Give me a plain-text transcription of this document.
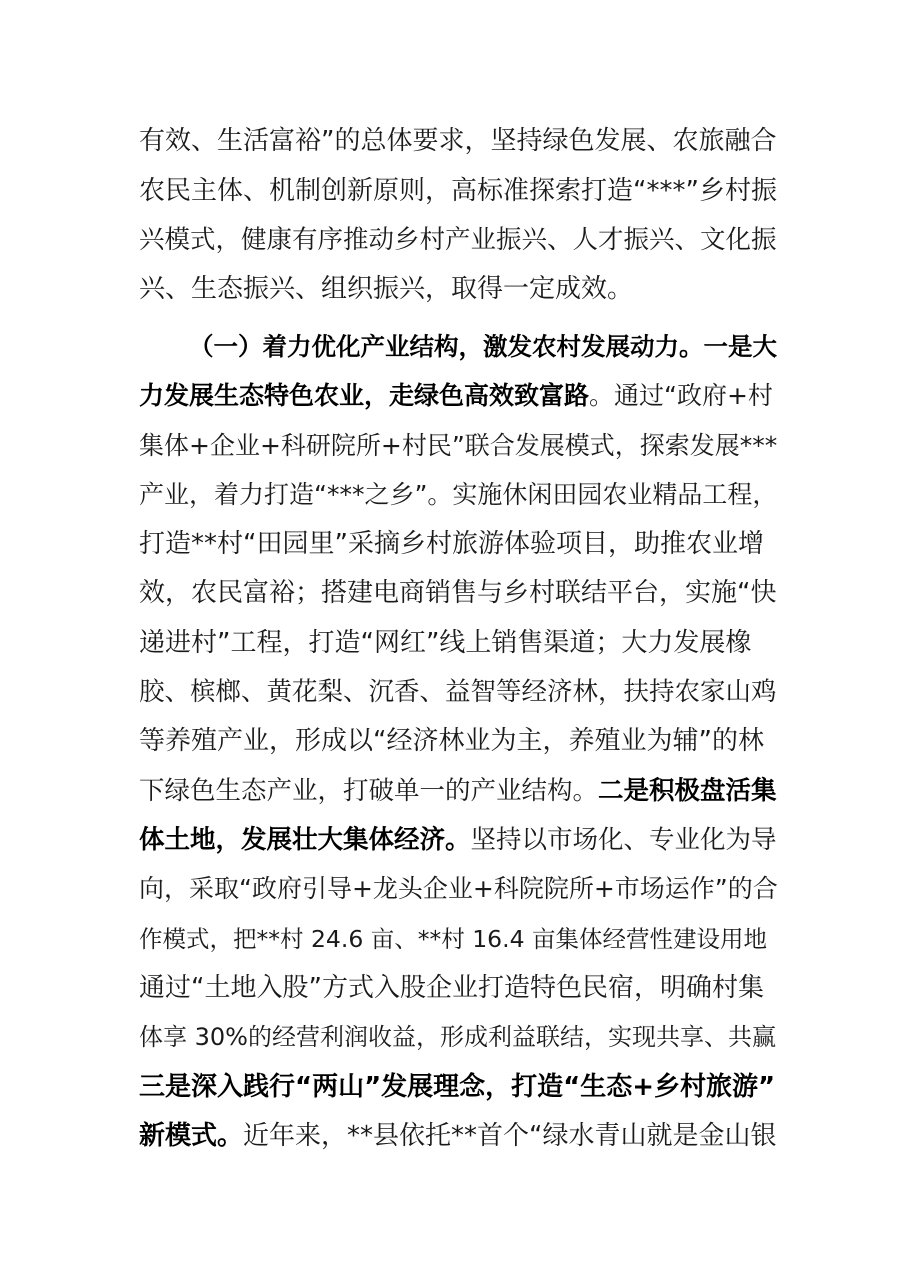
有效、生活富裕”的总体要求，坚持绿色发展、农旅融合
农民主体、机制创新原则，高标准探索打造“***”乡村振
兴模式，健康有序推动乡村产业振兴、人才振兴、文化振
兴、生态振兴、组织振兴，取得一定成效。
（一）着力优化产业结构，激发农村发展动力。一是大
力发展生态特色农业，走绿色高效致富路。通过“政府+村
集体+企业+科研院所+村民”联合发展模式，探索发展***
产业，着力打造“***之乡”。实施休闲田园农业精品工程，
打造**村“田园里”采摘乡村旅游体验项目，助推农业增
效，农民富裕；搭建电商销售与乡村联结平台，实施“快
递进村”工程，打造“网红”线上销售渠道；大力发展橡
胶、槟榔、黄花梨、沉香、益智等经济林，扶持农家山鸡
等养殖产业，形成以“经济林业为主，养殖业为辅”的林
下绿色生态产业，打破单一的产业结构。二是积极盘活集
体土地，发展壮大集体经济。坚持以市场化、专业化为导
向，采取“政府引导+龙头企业+科院院所+市场运作”的合
作模式，把**村 24.6 亩、**村 16.4 亩集体经营性建设用地
通过“土地入股”方式入股企业打造特色民宿，明确村集
体享 30%的经营利润收益，形成利益联结，实现共享、共赢
三是深入践行“两山”发展理念，打造“生态+乡村旅游”
新模式。近年来，**县依托**首个“绿水青山就是金山银
